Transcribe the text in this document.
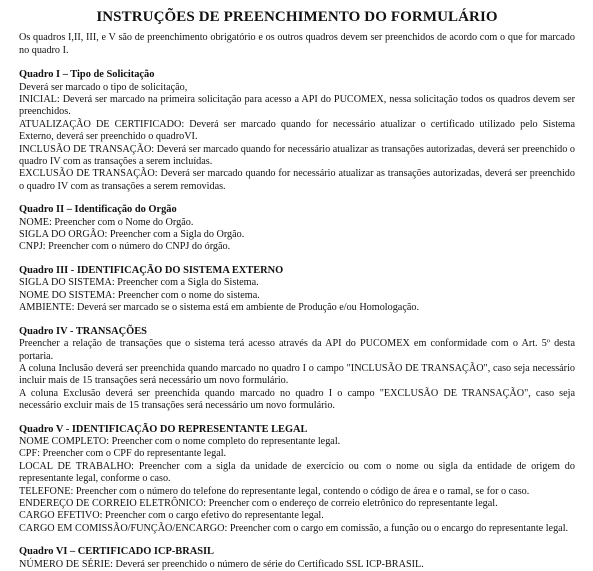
INSTRUÇÕES DE PREENCHIMENTO DO FORMULÁRIO
Os quadros I,II, III, e V são de preenchimento obrigatório e os outros quadros devem ser preenchidos de acordo com o que for marcado no quadro I.
Quadro I – Tipo de Solicitação
Deverá ser marcado o tipo de solicitação,
INICIAL: Deverá ser marcado na primeira solicitação para acesso a API do PUCOMEX, nessa solicitação todos os quadros devem ser preenchidos.
ATUALIZAÇÃO DE CERTIFICADO: Deverá ser marcado quando for necessário atualizar o certificado utilizado pelo Sistema Externo, deverá ser preenchido o quadroVI.
INCLUSÃO DE TRANSAÇÃO: Deverá ser marcado quando for necessário atualizar as transações autorizadas, deverá ser preenchido o quadro IV com as transações a serem incluídas.
EXCLUSÃO DE TRANSAÇÃO: Deverá ser marcado quando for necessário atualizar as transações autorizadas, deverá ser preenchido o quadro IV com as transações a serem removidas.
Quadro II – Identificação do Orgão
NOME: Preencher com o Nome do Orgão.
SIGLA DO ORGÃO: Preencher com a Sigla do Orgão.
CNPJ: Preencher com o número do CNPJ do órgão.
Quadro III - IDENTIFICAÇÃO DO SISTEMA EXTERNO
SIGLA DO SISTEMA: Preencher com a Sigla do Sistema.
NOME DO SISTEMA: Preencher com o nome do sistema.
AMBIENTE: Deverá ser marcado se o sistema está em ambiente de Produção e/ou Homologação.
Quadro IV - TRANSAÇÕES
Preencher a relação de transações que o sistema terá acesso através da API do PUCOMEX em conformidade com o Art. 5º desta portaria.
A coluna Inclusão deverá ser preenchida quando marcado no quadro I o campo "INCLUSÃO DE TRANSAÇÃO", caso seja necessário incluir mais de 15 transações será necessário um novo formulário.
A coluna Exclusão deverá ser preenchida quando marcado no quadro I o campo "EXCLUSÃO DE TRANSAÇÃO", caso seja necessário excluir mais de 15 transações será necessário um novo formulário.
Quadro V - IDENTIFICAÇÃO DO REPRESENTANTE LEGAL
NOME COMPLETO: Preencher com o nome completo do representante legal.
CPF: Preencher com o CPF do representante legal.
LOCAL DE TRABALHO: Preencher com a sigla da unidade de exercício ou com o nome ou sigla da entidade de origem do representante legal, conforme o caso.
TELEFONE: Preencher com o número do telefone do representante legal, contendo o código de área e o ramal, se for o caso.
ENDEREÇO DE CORREIO ELETRÔNICO: Preencher com o endereço de correio eletrônico do representante legal.
CARGO EFETIVO: Preencher com o cargo efetivo do representante legal.
CARGO EM COMISSÃO/FUNÇÃO/ENCARGO: Preencher com o cargo em comissão, a função ou o encargo do representante legal.
Quadro VI – CERTIFICADO ICP-BRASIL
NÚMERO DE SÉRIE: Deverá ser preenchido o número de série do Certificado SSL ICP-BRASIL.
